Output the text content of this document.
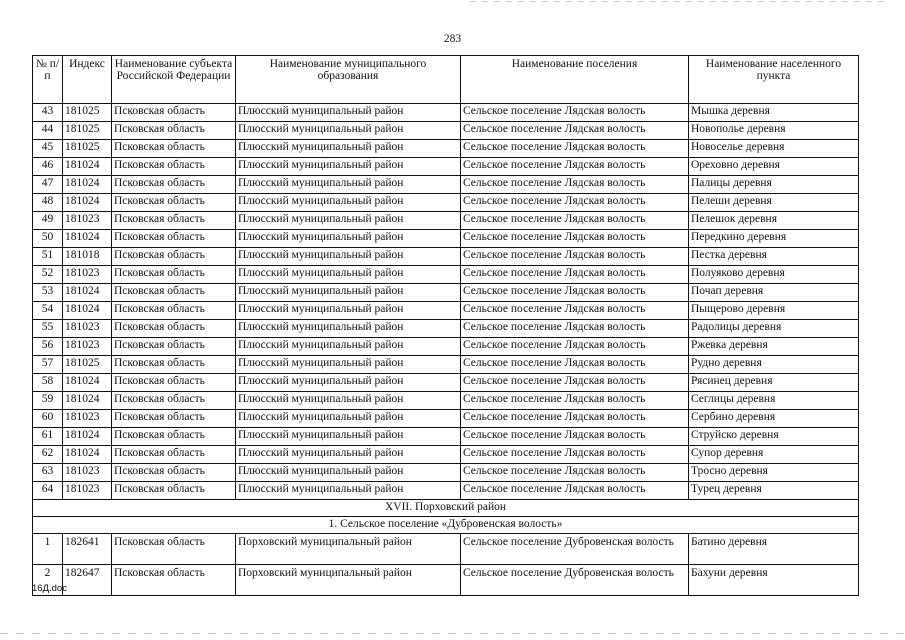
283
№ п/п	Индекс	Наименование субъекта Российской Федерации	Наименование муниципального образования	Наименование поселения	Наименование населенного пункта
43	181025	Псковская область	Плюсский муниципальный район	Сельское поселение Лядская волость	Мышка деревня
44	181025	Псковская область	Плюсский муниципальный район	Сельское поселение Лядская волость	Новополье деревня
45	181025	Псковская область	Плюсский муниципальный район	Сельское поселение Лядская волость	Новоселье деревня
46	181024	Псковская область	Плюсский муниципальный район	Сельское поселение Лядская волость	Ореховно деревня
47	181024	Псковская область	Плюсский муниципальный район	Сельское поселение Лядская волость	Палицы деревня
48	181024	Псковская область	Плюсский муниципальный район	Сельское поселение Лядская волость	Пелеши деревня
49	181023	Псковская область	Плюсский муниципальный район	Сельское поселение Лядская волость	Пелешок деревня
50	181024	Псковская область	Плюсский муниципальный район	Сельское поселение Лядская волость	Передкино деревня
51	181018	Псковская область	Плюсский муниципальный район	Сельское поселение Лядская волость	Пестка деревня
52	181023	Псковская область	Плюсский муниципальный район	Сельское поселение Лядская волость	Полуяково деревня
53	181024	Псковская область	Плюсский муниципальный район	Сельское поселение Лядская волость	Почап деревня
54	181024	Псковская область	Плюсский муниципальный район	Сельское поселение Лядская волость	Пыщерово деревня
55	181023	Псковская область	Плюсский муниципальный район	Сельское поселение Лядская волость	Радолицы деревня
56	181023	Псковская область	Плюсский муниципальный район	Сельское поселение Лядская волость	Ржевка деревня
57	181025	Псковская область	Плюсский муниципальный район	Сельское поселение Лядская волость	Рудно деревня
58	181024	Псковская область	Плюсский муниципальный район	Сельское поселение Лядская волость	Рясинец деревня
59	181024	Псковская область	Плюсский муниципальный район	Сельское поселение Лядская волость	Сеглицы деревня
60	181023	Псковская область	Плюсский муниципальный район	Сельское поселение Лядская волость	Сербино деревня
61	181024	Псковская область	Плюсский муниципальный район	Сельское поселение Лядская волость	Струйско деревня
62	181024	Псковская область	Плюсский муниципальный район	Сельское поселение Лядская волость	Супор деревня
63	181023	Псковская область	Плюсский муниципальный район	Сельское поселение Лядская волость	Тросно деревня
64	181023	Псковская область	Плюсский муниципальный район	Сельское поселение Лядская волость	Турец деревня
XVII. Порховский район					
1. Сельское поселение «Дубровенская волость»					
1	182641	Псковская область	Порховский муниципальный район	Сельское поселение Дубровенская волость	Батино деревня
2	182647	Псковская область	Порховский муниципальный район	Сельское поселение Дубровенская волость	Бахуни деревня
16Д.doc
